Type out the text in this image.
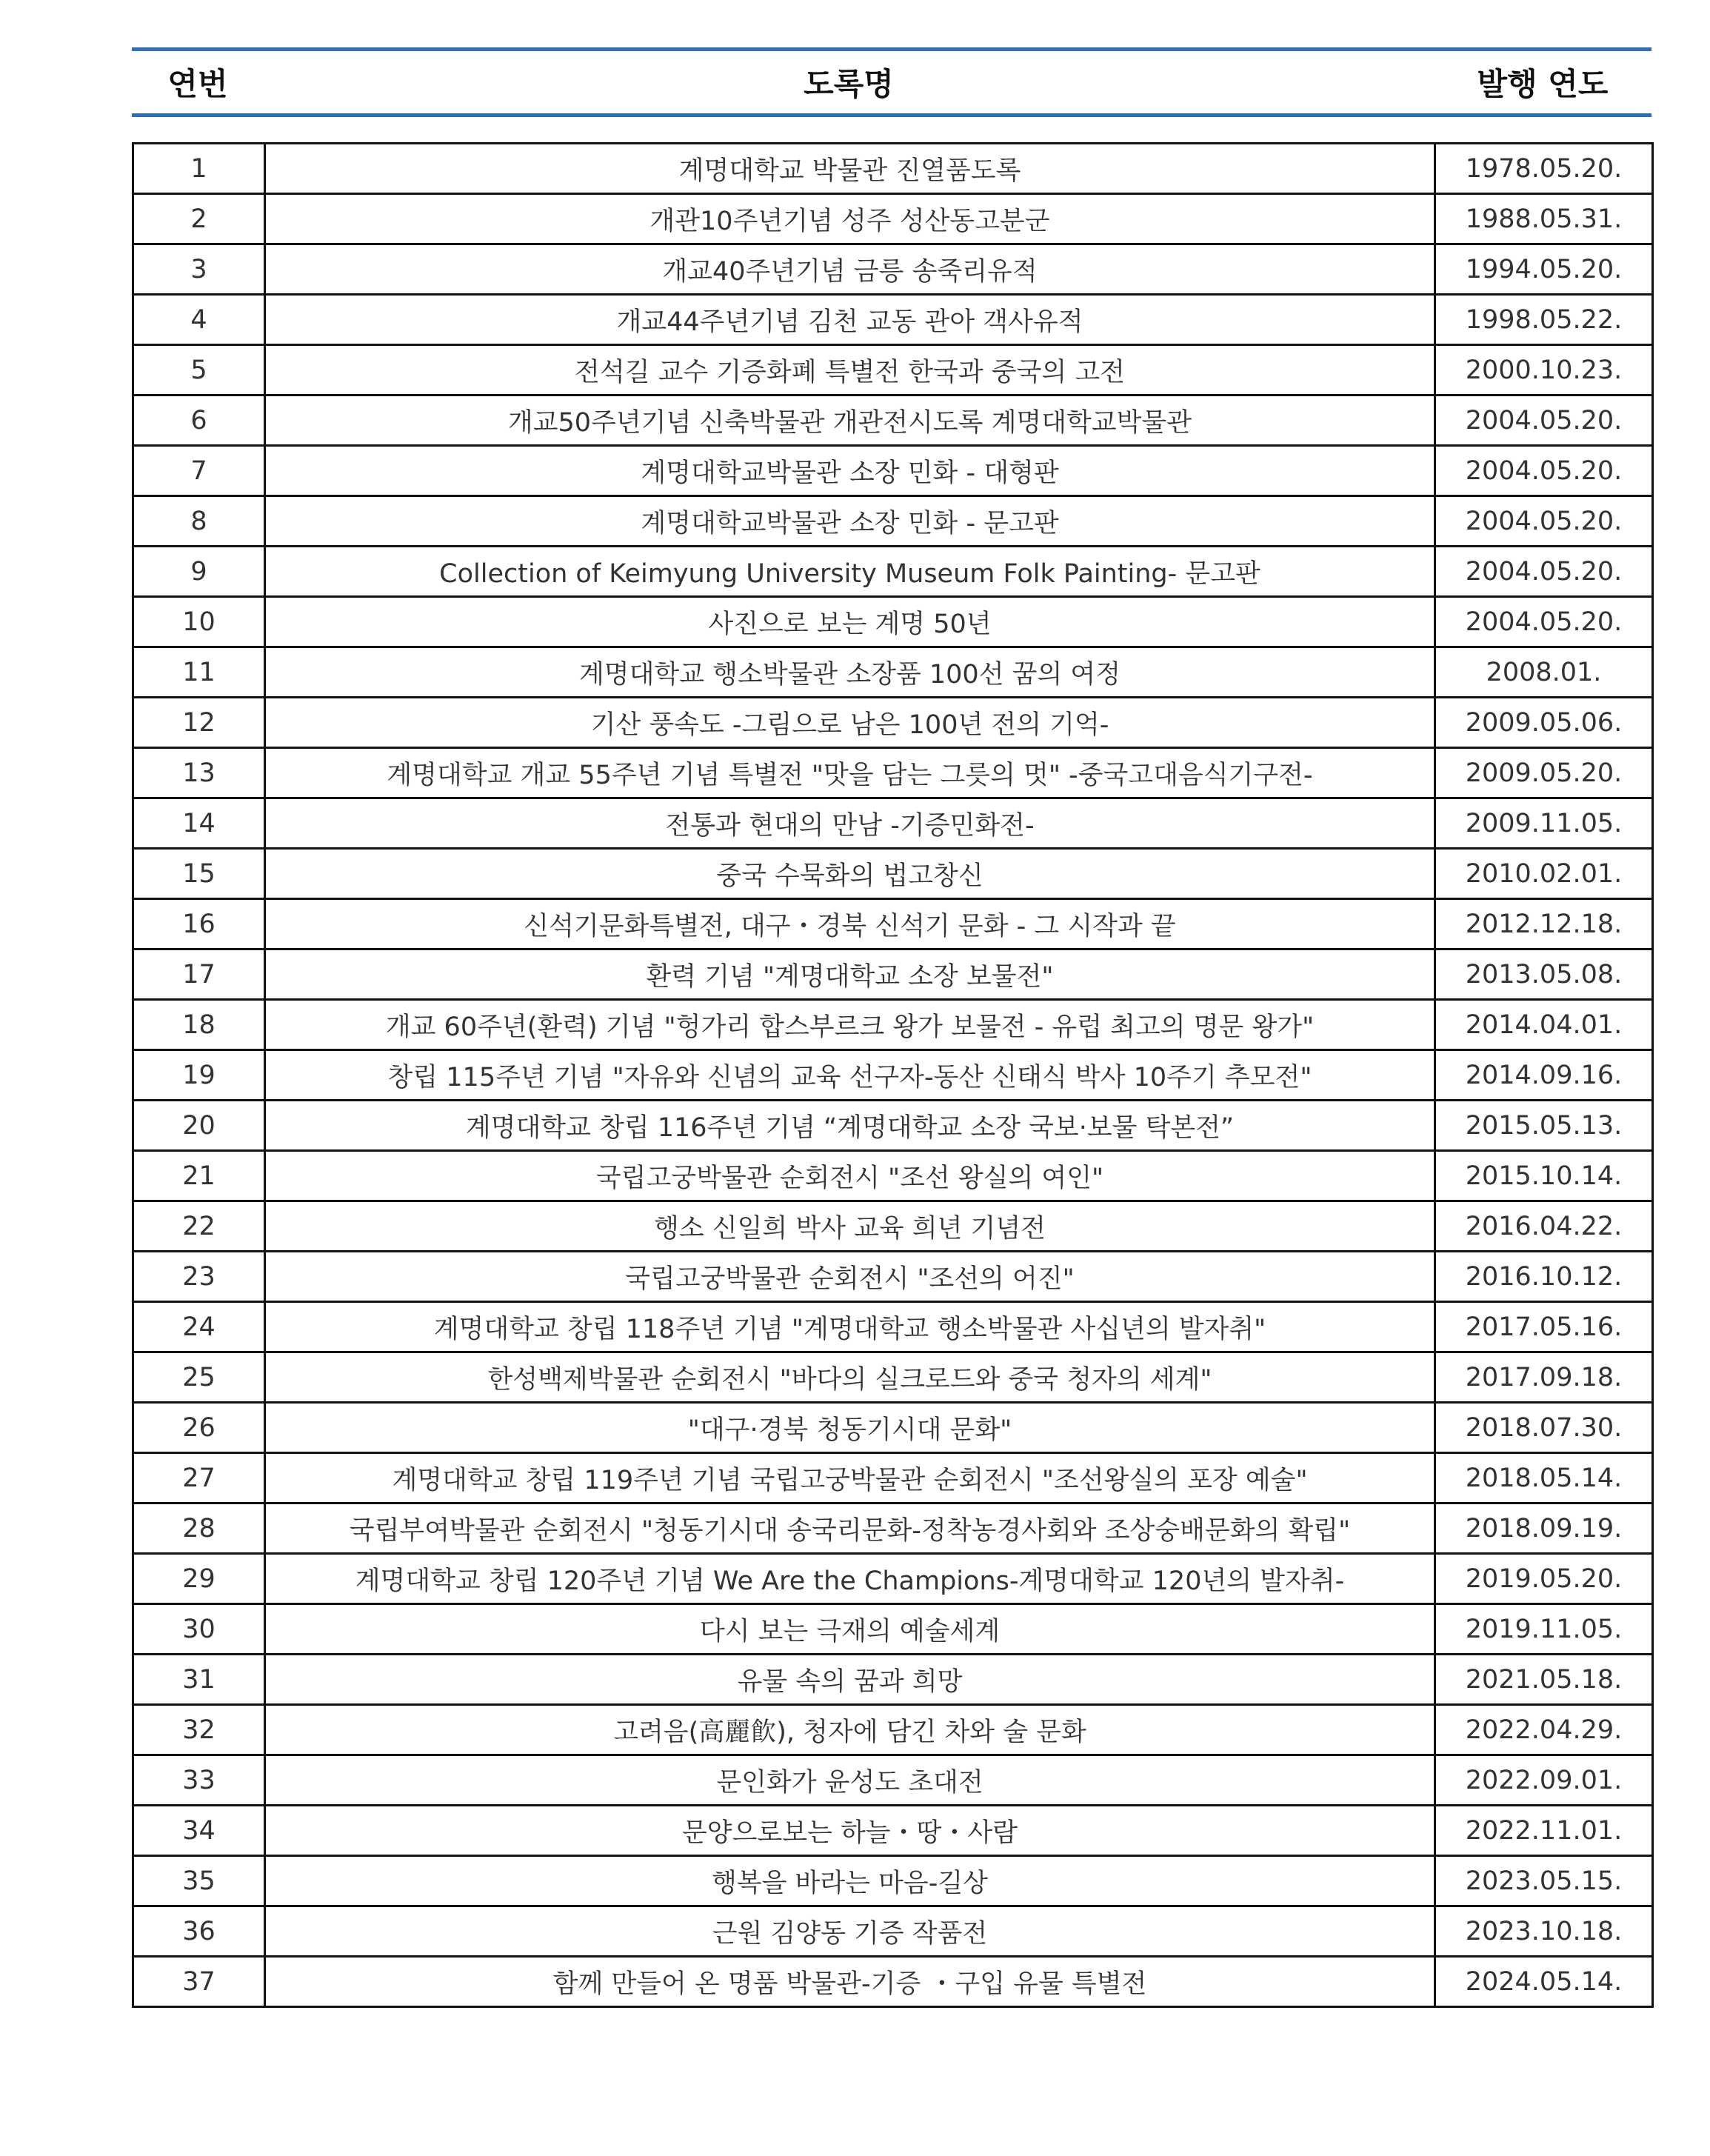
연번	도록명	발행 연도
1	계명대학교 박물관 진열품도록	1978.05.20.
2	개관10주년기념 성주 성산동고분군	1988.05.31.
3	개교40주년기념 금릉 송죽리유적	1994.05.20.
4	개교44주년기념 김천 교동 관아 객사유적	1998.05.22.
5	전석길 교수 기증화폐 특별전 한국과 중국의 고전	2000.10.23.
6	개교50주년기념 신축박물관 개관전시도록 계명대학교박물관	2004.05.20.
7	계명대학교박물관 소장 민화 - 대형판	2004.05.20.
8	계명대학교박물관 소장 민화 - 문고판	2004.05.20.
9	Collection of Keimyung University Museum Folk Painting- 문고판	2004.05.20.
10	사진으로 보는 계명 50년	2004.05.20.
11	계명대학교 행소박물관 소장품 100선 꿈의 여정	2008.01.
12	기산 풍속도 -그림으로 남은 100년 전의 기억-	2009.05.06.
13	계명대학교 개교 55주년 기념 특별전 "맛을 담는 그릇의 멋" -중국고대음식기구전-	2009.05.20.
14	전통과 현대의 만남 -기증민화전-	2009.11.05.
15	중국 수묵화의 법고창신	2010.02.01.
16	신석기문화특별전, 대구・경북 신석기 문화 - 그 시작과 끝	2012.12.18.
17	환력 기념 "계명대학교 소장 보물전"	2013.05.08.
18	개교 60주년(환력) 기념 "헝가리 합스부르크 왕가 보물전 - 유럽 최고의 명문 왕가"	2014.04.01.
19	창립 115주년 기념 "자유와 신념의 교육 선구자-동산 신태식 박사 10주기 추모전"	2014.09.16.
20	계명대학교 창립 116주년 기념 “계명대학교 소장 국보·보물 탁본전”	2015.05.13.
21	국립고궁박물관 순회전시 "조선 왕실의 여인"	2015.10.14.
22	행소 신일희 박사 교육 희년 기념전	2016.04.22.
23	국립고궁박물관 순회전시 "조선의 어진"	2016.10.12.
24	계명대학교 창립 118주년 기념 "계명대학교 행소박물관 사십년의 발자취"	2017.05.16.
25	한성백제박물관 순회전시 "바다의 실크로드와 중국 청자의 세계"	2017.09.18.
26	"대구·경북 청동기시대 문화"	2018.07.30.
27	계명대학교 창립 119주년 기념 국립고궁박물관 순회전시 "조선왕실의 포장 예술"	2018.05.14.
28	국립부여박물관 순회전시 "청동기시대 송국리문화-정착농경사회와 조상숭배문화의 확립"	2018.09.19.
29	계명대학교 창립 120주년 기념 We Are the Champions-계명대학교 120년의 발자취-	2019.05.20.
30	다시 보는 극재의 예술세계	2019.11.05.
31	유물 속의 꿈과 희망	2021.05.18.
32	고려음(高麗飮), 청자에 담긴 차와 술 문화	2022.04.29.
33	문인화가 윤성도 초대전	2022.09.01.
34	문양으로보는 하늘・땅・사람	2022.11.01.
35	행복을 바라는 마음-길상	2023.05.15.
36	근원 김양동 기증 작품전	2023.10.18.
37	함께 만들어 온 명품 박물관-기증 ・구입 유물 특별전	2024.05.14.
